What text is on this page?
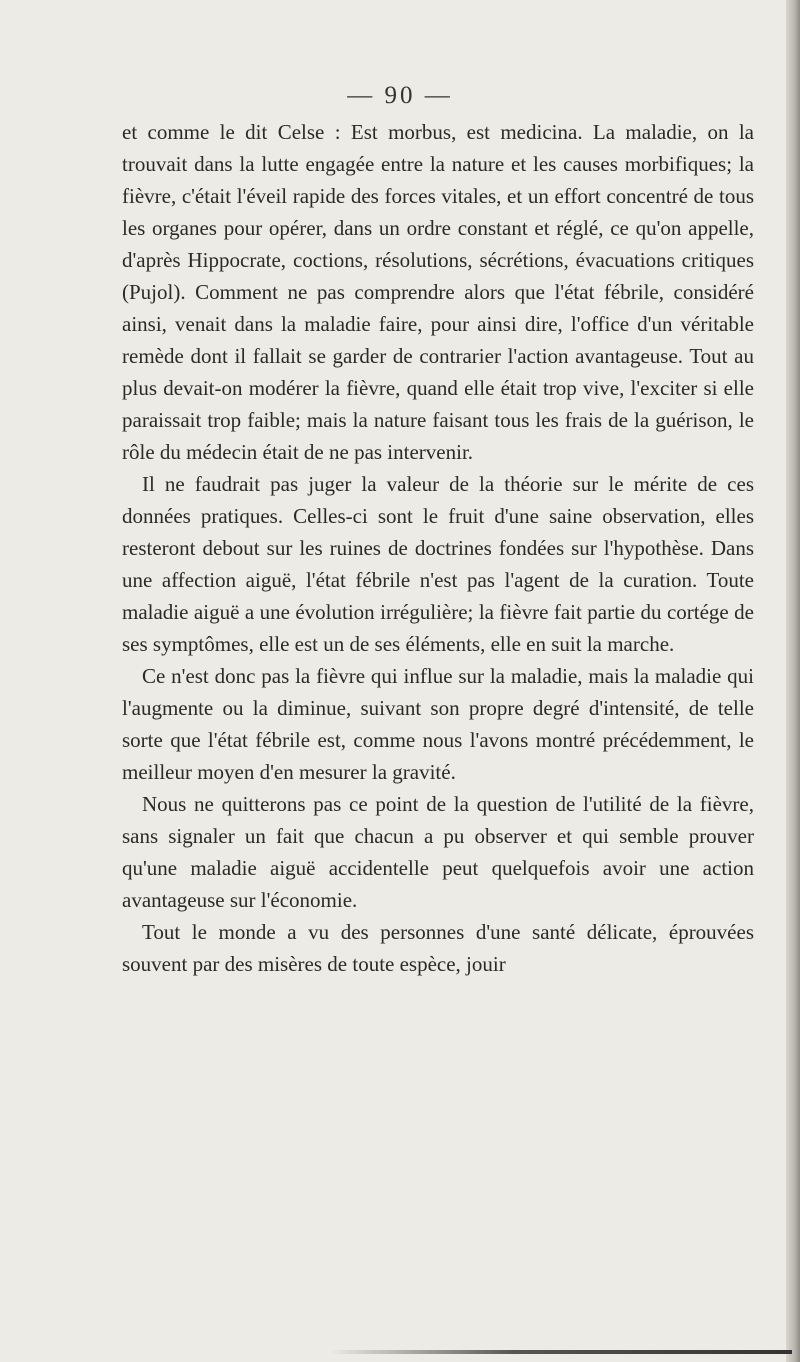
— 90 —

et comme le dit Celse : Est morbus, est medicina. La maladie, on la trouvait dans la lutte engagée entre la nature et les causes morbifiques; la fièvre, c'était l'éveil rapide des forces vitales, et un effort concentré de tous les organes pour opérer, dans un ordre constant et réglé, ce qu'on appelle, d'après Hippocrate, coctions, résolutions, sécrétions, évacuations critiques (Pujol). Comment ne pas comprendre alors que l'état fébrile, considéré ainsi, venait dans la maladie faire, pour ainsi dire, l'office d'un véritable remède dont il fallait se garder de contrarier l'action avantageuse. Tout au plus devait-on modérer la fièvre, quand elle était trop vive, l'exciter si elle paraissait trop faible; mais la nature faisant tous les frais de la guérison, le rôle du médecin était de ne pas intervenir.

Il ne faudrait pas juger la valeur de la théorie sur le mérite de ces données pratiques. Celles-ci sont le fruit d'une saine observation, elles resteront debout sur les ruines de doctrines fondées sur l'hypothèse. Dans une affection aiguë, l'état fébrile n'est pas l'agent de la curation. Toute maladie aiguë a une évolution irrégulière; la fièvre fait partie du cortége de ses symptômes, elle est un de ses éléments, elle en suit la marche.

Ce n'est donc pas la fièvre qui influe sur la maladie, mais la maladie qui l'augmente ou la diminue, suivant son propre degré d'intensité, de telle sorte que l'état fébrile est, comme nous l'avons montré précédemment, le meilleur moyen d'en mesurer la gravité.

Nous ne quitterons pas ce point de la question de l'utilité de la fièvre, sans signaler un fait que chacun a pu observer et qui semble prouver qu'une maladie aiguë accidentelle peut quelquefois avoir une action avantageuse sur l'économie.

Tout le monde a vu des personnes d'une santé délicate, éprouvées souvent par des misères de toute espèce, jouir
